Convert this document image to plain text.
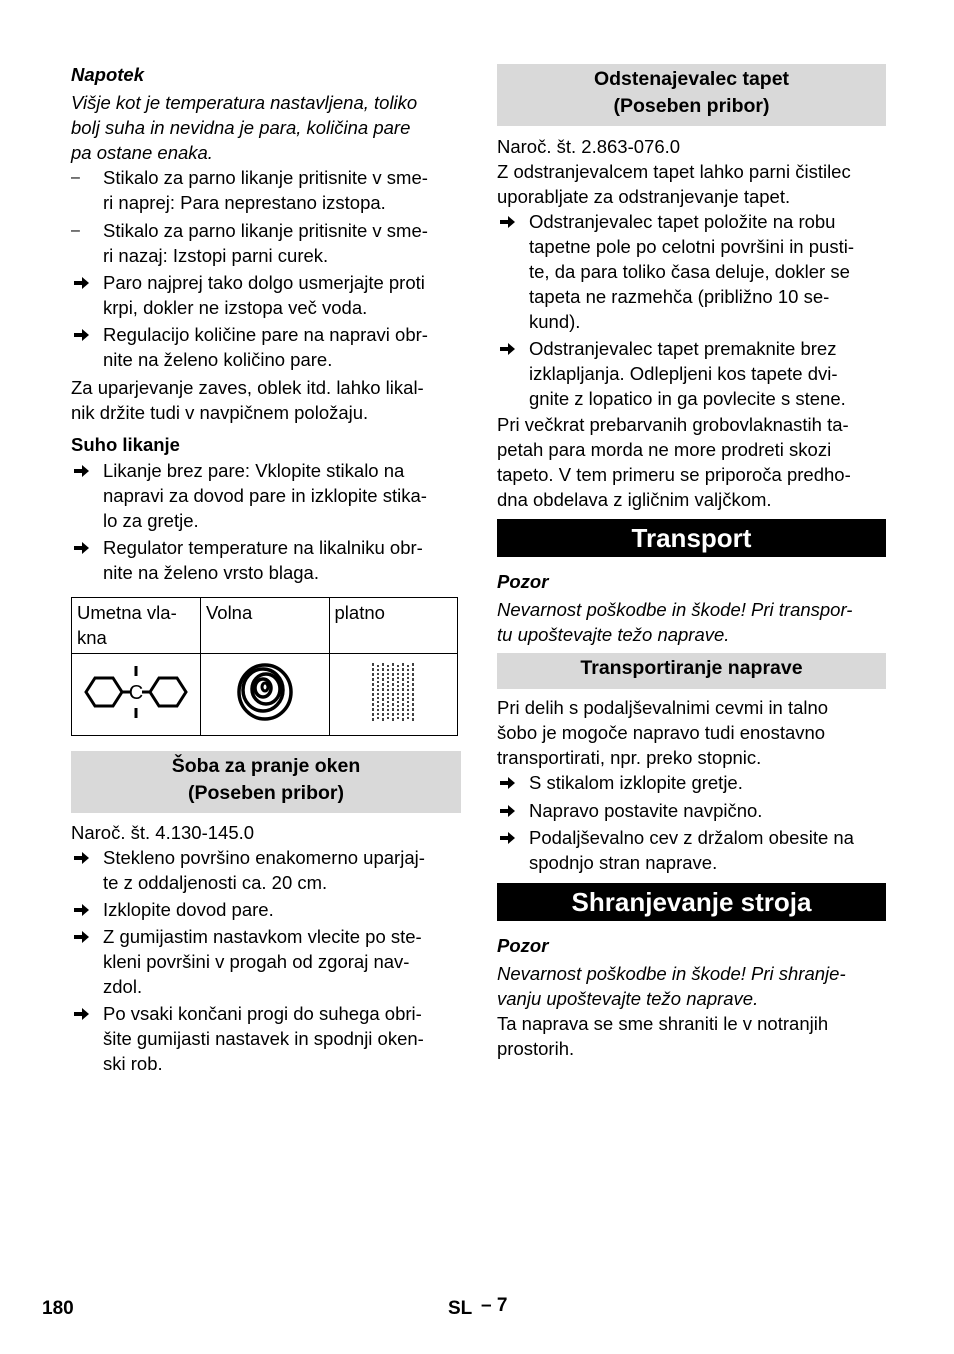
Napotek
Višje kot je temperatura nastavljena, toliko
bolj suha in nevidna je para, količina pare
pa ostane enaka.
–	Stikalo za parno likanje pritisnite v sme-
ri naprej: Para neprestano izstopa.
–	Stikalo za parno likanje pritisnite v sme-
ri nazaj: Izstopi parni curek.
Paro najprej tako dolgo usmerjajte proti
krpi, dokler ne izstopa več voda.
Regulacijo količine pare na napravi obr-
nite na želeno količino pare.
Za uparjevanje zaves, oblek itd. lahko likal-
nik držite tudi v navpičnem položaju.
Suho likanje
Likanje brez pare: Vklopite stikalo na
napravi za dovod pare in izklopite stika-
lo za gretje.
Regulator temperature na likalniku obr-
nite na želeno vrsto blaga.
Umetna vla-
kna	Volna	platno

C

Šoba za pranje oken
(Poseben pribor)
Naroč. št. 4.130-145.0
Stekleno površino enakomerno uparjaj-
te z oddaljenosti ca. 20 cm.
Izklopite dovod pare.
Z gumijastim nastavkom vlecite po ste-
kleni površini v progah od zgoraj nav-
zdol.
Po vsaki končani progi do suhega obri-
šite gumijasti nastavek in spodnji oken-
ski rob.
Odstenajevalec tapet
(Poseben pribor)
Naroč. št. 2.863-076.0
Z odstranjevalcem tapet lahko parni čistilec
uporabljate za odstranjevanje tapet.
Odstranjevalec tapet položite na robu
tapetne pole po celotni površini in pusti-
te, da para toliko časa deluje, dokler se
tapeta ne razmehča (približno 10 se-
kund).
Odstranjevalec tapet premaknite brez
izklapljanja. Odlepljeni kos tapete dvi-
gnite z lopatico in ga povlecite s stene.
Pri večkrat prebarvanih grobovlaknastih ta-
petah para morda ne more prodreti skozi
tapeto. V tem primeru se priporoča predho-
dna obdelava z igličnim valjčkom.
Transport
Pozor
Nevarnost poškodbe in škode! Pri transpor-
tu upoštevajte težo naprave.
Transportiranje naprave
Pri delih s podaljševalnimi cevmi in talno
šobo je mogoče napravo tudi enostavno
transportirati, npr. preko stopnic.
S stikalom izklopite gretje.
Napravo postavite navpično.
Podaljševalno cev z držalom obesite na
spodnjo stran naprave.
Shranjevanje stroja
Pozor
Nevarnost poškodbe in škode! Pri shranje-
vanju upoštevajte težo naprave.
Ta naprava se sme shraniti le v notranjih
prostorih.
180	SL – 7
